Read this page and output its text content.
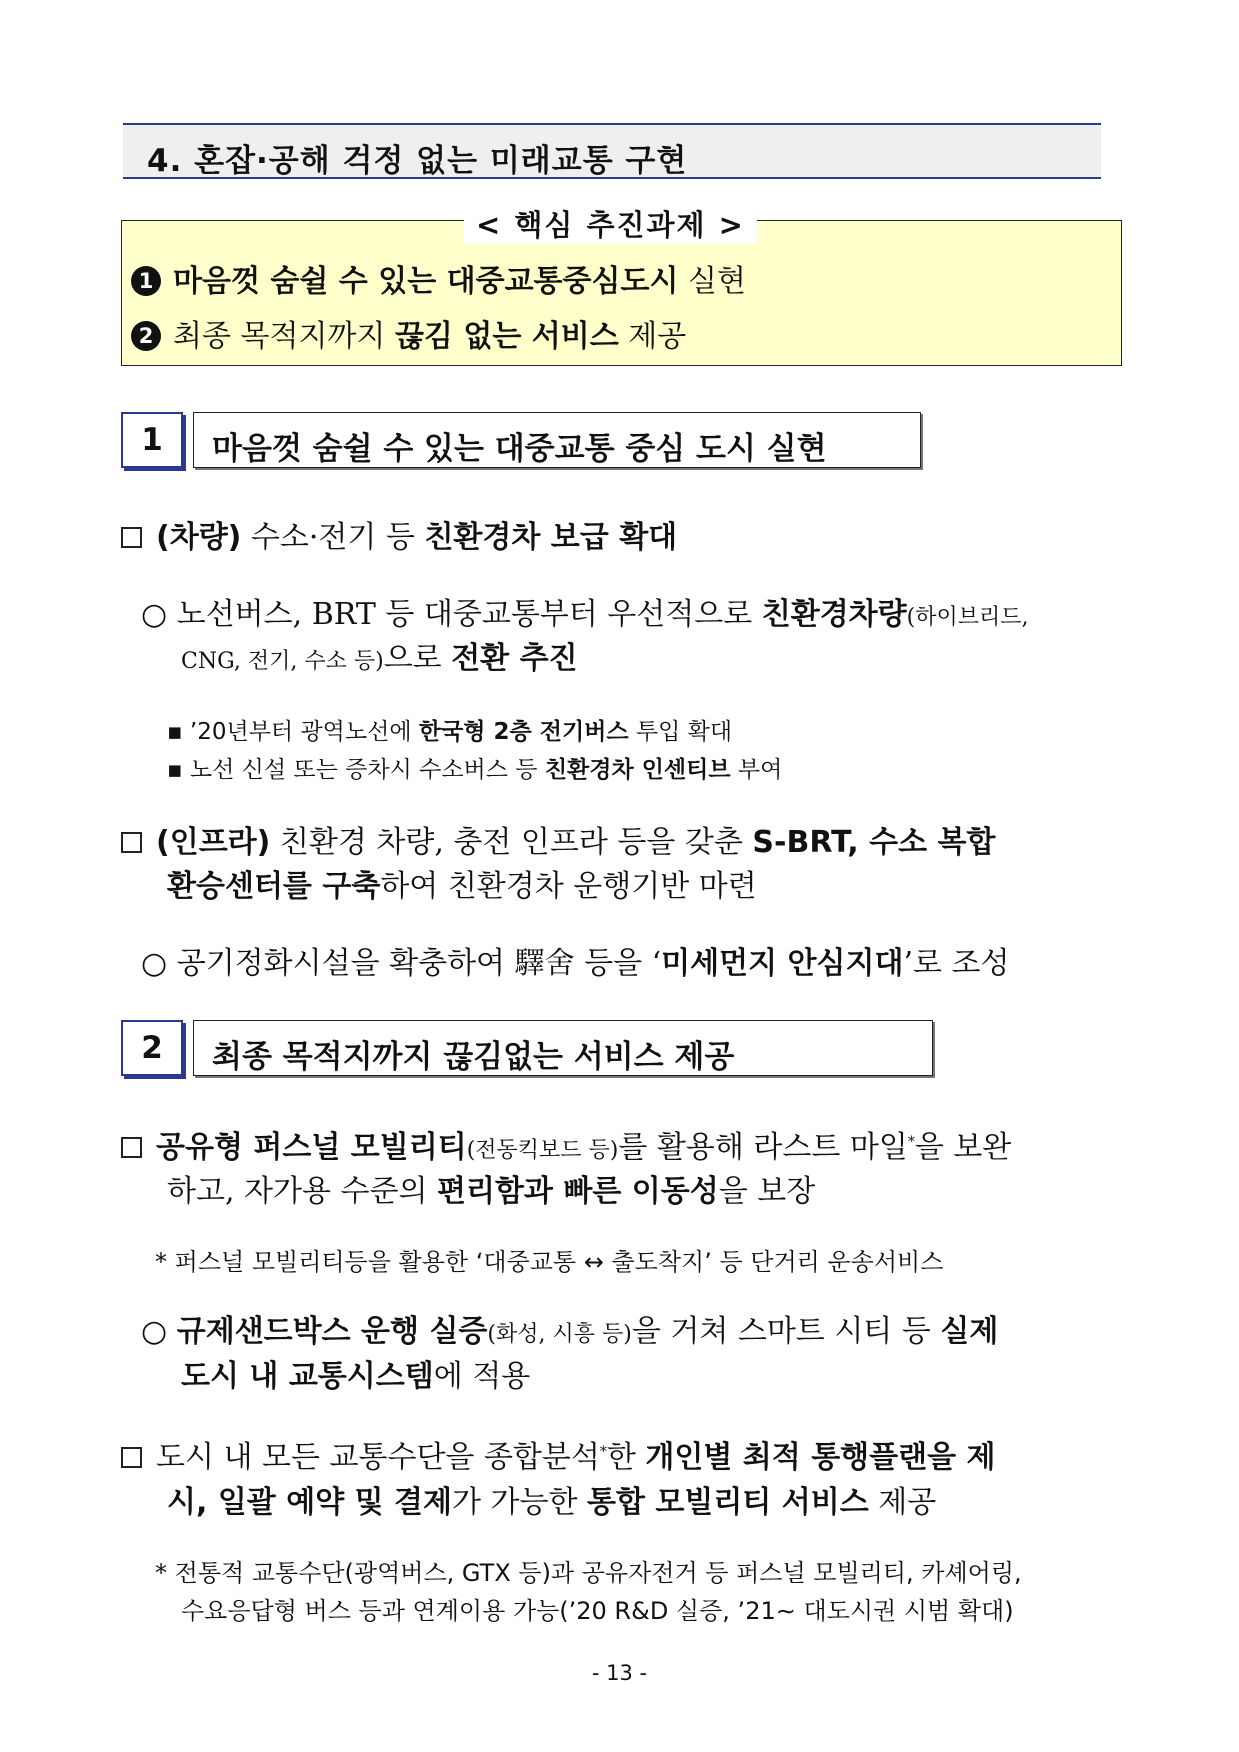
4. 혼잡·공해 걱정 없는 미래교통 구현
< 핵심 추진과제 >
1 마음껏 숨쉴 수 있는 대중교통중심도시 실현
2 최종 목적지까지 끊김 없는 서비스 제공
1	마음껏 숨쉴 수 있는 대중교통 중심 도시 실현
(차량) 수소·전기 등 친환경차 보급 확대
○ 노선버스, BRT 등 대중교통부터 우선적으로 친환경차량(하이브리드,
CNG, 전기, 수소 등)으로 전환 추진
▪ ’20년부터 광역노선에 한국형 2층 전기버스 투입 확대
▪ 노선 신설 또는 증차시 수소버스 등 친환경차 인센티브 부여
(인프라) 친환경 차량, 충전 인프라 등을 갖춘 S-BRT, 수소 복합
환승센터를 구축하여 친환경차 운행기반 마련
○ 공기정화시설을 확충하여 驛舍 등을 ‘미세먼지 안심지대’로 조성
2	최종 목적지까지 끊김없는 서비스 제공
공유형 퍼스널 모빌리티(전동킥보드 등)를 활용해 라스트 마일*을 보완
하고, 자가용 수준의 편리함과 빠른 이동성을 보장
* 퍼스널 모빌리티등을 활용한 ‘대중교통 ↔ 출도착지’ 등 단거리 운송서비스
○ 규제샌드박스 운행 실증(화성, 시흥 등)을 거쳐 스마트 시티 등 실제
도시 내 교통시스템에 적용
도시 내 모든 교통수단을 종합분석*한 개인별 최적 통행플랜을 제
시, 일괄 예약 및 결제가 가능한 통합 모빌리티 서비스 제공
* 전통적 교통수단(광역버스, GTX 등)과 공유자전거 등 퍼스널 모빌리티, 카셰어링,
수요응답형 버스 등과 연계이용 가능(’20 R&D 실증, ’21∼ 대도시권 시범 확대)
- 13 -
